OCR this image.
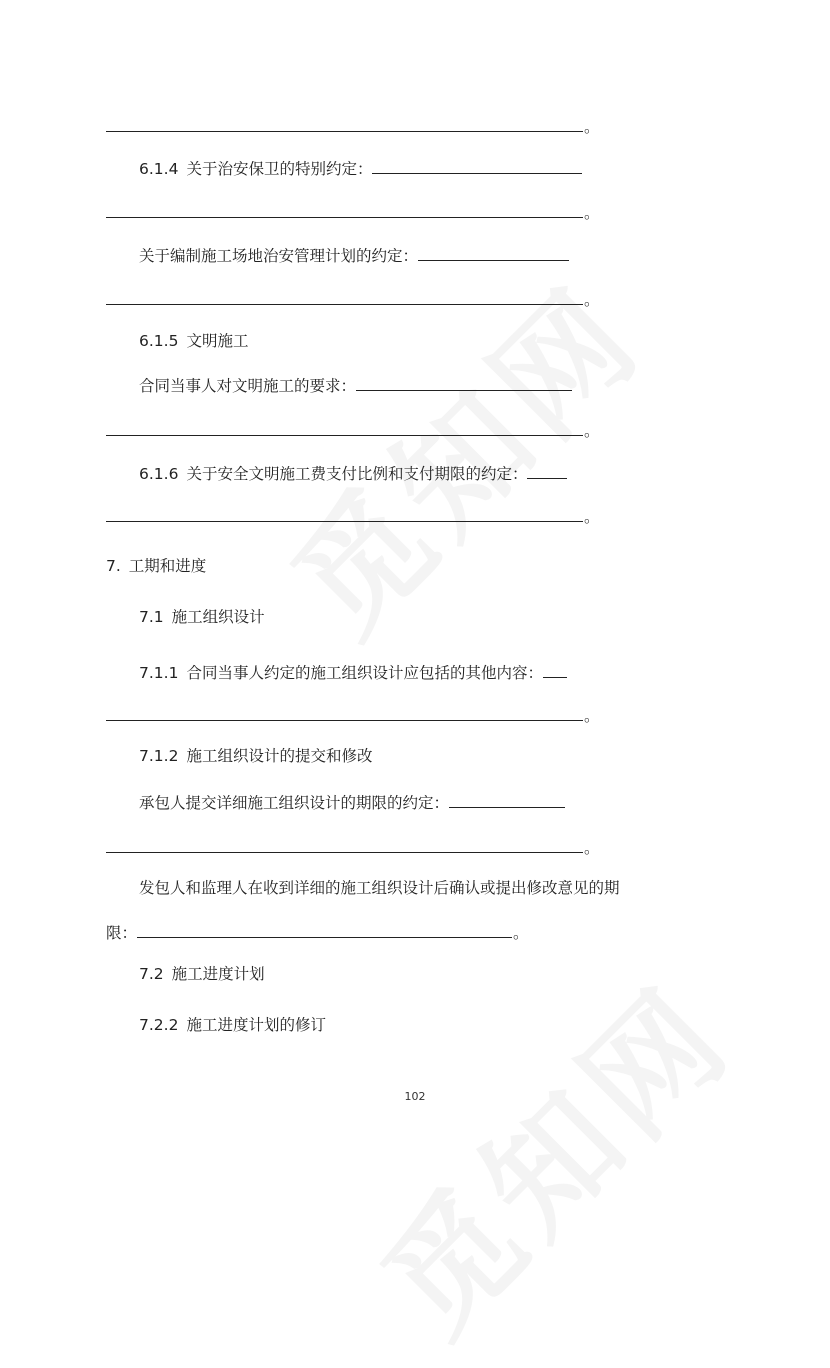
。
6.1.4 关于治安保卫的特别约定：
。
关于编制施工场地治安管理计划的约定：
。
6.1.5 文明施工
合同当事人对文明施工的要求：
。
6.1.6 关于安全文明施工费支付比例和支付期限的约定：
。
7. 工期和进度
7.1 施工组织设计
7.1.1 合同当事人约定的施工组织设计应包括的其他内容：
。
7.1.2 施工组织设计的提交和修改
承包人提交详细施工组织设计的期限的约定：
。
发包人和监理人在收到详细的施工组织设计后确认或提出修改意见的期
限：	。
7.2 施工进度计划
7.2.2 施工进度计划的修订
102
